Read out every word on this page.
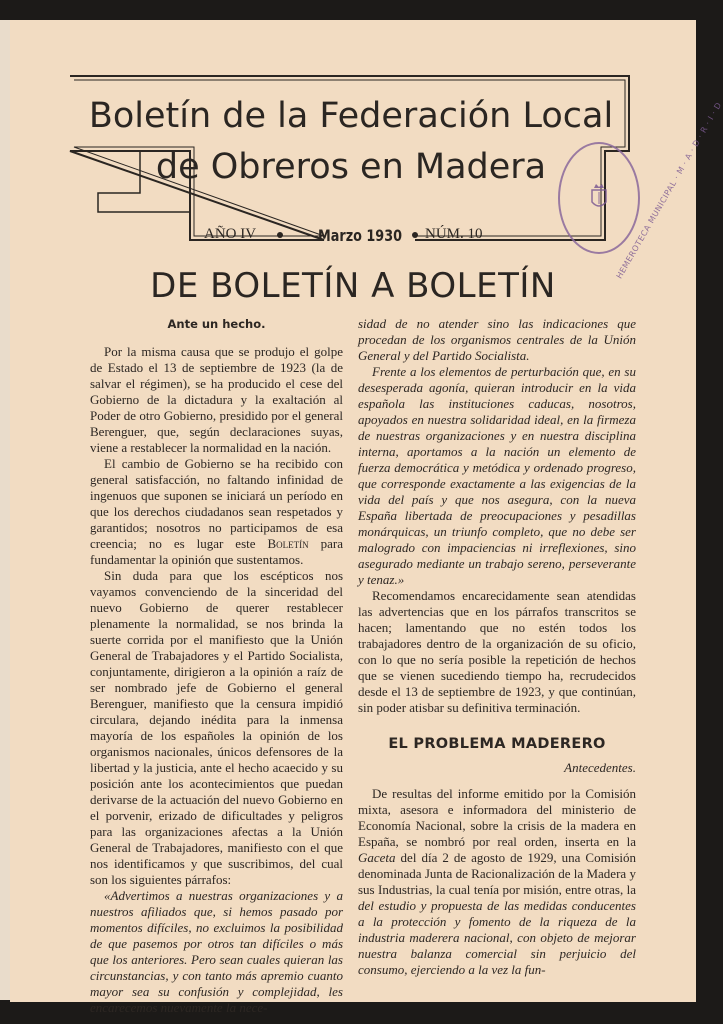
Boletín de la Federación Local
de Obreros en Madera
AÑO IV	Marzo 1930 NÚM. 10	HEMEROTECA MUNICIPAL · M · A · D · R · I · D
DE BOLETÍN A BOLETÍN

Ante un hecho.

Por la misma causa que se produjo el golpe de Estado el 13 de septiembre de 1923 (la de salvar el régimen), se ha producido el cese del Gobierno de la dictadura y la exaltación al Poder de otro Gobierno, presidido por el general Berenguer, que, según declaraciones suyas, viene a restablecer la normalidad en la nación.

El cambio de Gobierno se ha recibido con general satisfacción, no faltando infinidad de ingenuos que suponen se iniciará un período en que los derechos ciudadanos sean respetados y garantidos; nosotros no participamos de esa creencia; no es lugar este Boletín para fundamentar la opinión que sustentamos.

Sin duda para que los escépticos nos vayamos convenciendo de la sinceridad del nuevo Gobierno de querer restablecer plenamente la normalidad, se nos brinda la suerte corrida por el manifiesto que la Unión General de Trabajadores y el Partido Socialista, conjuntamente, dirigieron a la opinión a raíz de ser nombrado jefe de Gobierno el general Berenguer, manifiesto que la censura impidió circulara, dejando inédita para la inmensa mayoría de los españoles la opinión de los organismos nacionales, únicos defensores de la libertad y la justicia, ante el hecho acaecido y su posición ante los acontecimientos que puedan derivarse de la actuación del nuevo Gobierno en el porvenir, erizado de dificultades y peligros para las organizaciones afectas a la Unión General de Trabajadores, manifiesto con el que nos identificamos y que suscribimos, del cual son los siguientes párrafos:

«Advertimos a nuestras organizaciones y a nuestros afiliados que, si hemos pasado por momentos difíciles, no excluimos la posibilidad de que pasemos por otros tan difíciles o más que los anteriores. Pero sean cuales quieran las circunstancias, y con tanto más apremio cuanto mayor sea su confusión y complejidad, les encarecemos nuevamente la nece-

sidad de no atender sino las indicaciones que procedan de los organismos centrales de la Unión General y del Partido Socialista.

Frente a los elementos de perturbación que, en su desesperada agonía, quieran introducir en la vida española las instituciones caducas, nosotros, apoyados en nuestra solidaridad ideal, en la firmeza de nuestras organizaciones y en nuestra disciplina interna, aportamos a la nación un elemento de fuerza democrática y metódica y ordenado progreso, que corresponde exactamente a las exigencias de la vida del país y que nos asegura, con la nueva España libertada de preocupaciones y pesadillas monárquicas, un triunfo completo, que no debe ser malogrado con impaciencias ni irreflexiones, sino asegurado mediante un trabajo sereno, perseverante y tenaz.»

Recomendamos encarecidamente sean atendidas las advertencias que en los párrafos transcritos se hacen; lamentando que no estén todos los trabajadores dentro de la organización de su oficio, con lo que no sería posible la repetición de hechos que se vienen sucediendo tiempo ha, recrudecidos desde el 13 de septiembre de 1923, y que continúan, sin poder atisbar su definitiva terminación.

EL PROBLEMA MADERERO

Antecedentes.

De resultas del informe emitido por la Comisión mixta, asesora e informadora del ministerio de Economía Nacional, sobre la crisis de la madera en España, se nombró por real orden, inserta en la Gaceta del día 2 de agosto de 1929, una Comisión denominada Junta de Racionalización de la Madera y sus Industrias, la cual tenía por misión, entre otras, la del estudio y propuesta de las medidas conducentes a la protección y fomento de la riqueza de la industria maderera nacional, con objeto de mejorar nuestra balanza comercial sin perjuicio del consumo, ejerciendo a la vez la fun-
